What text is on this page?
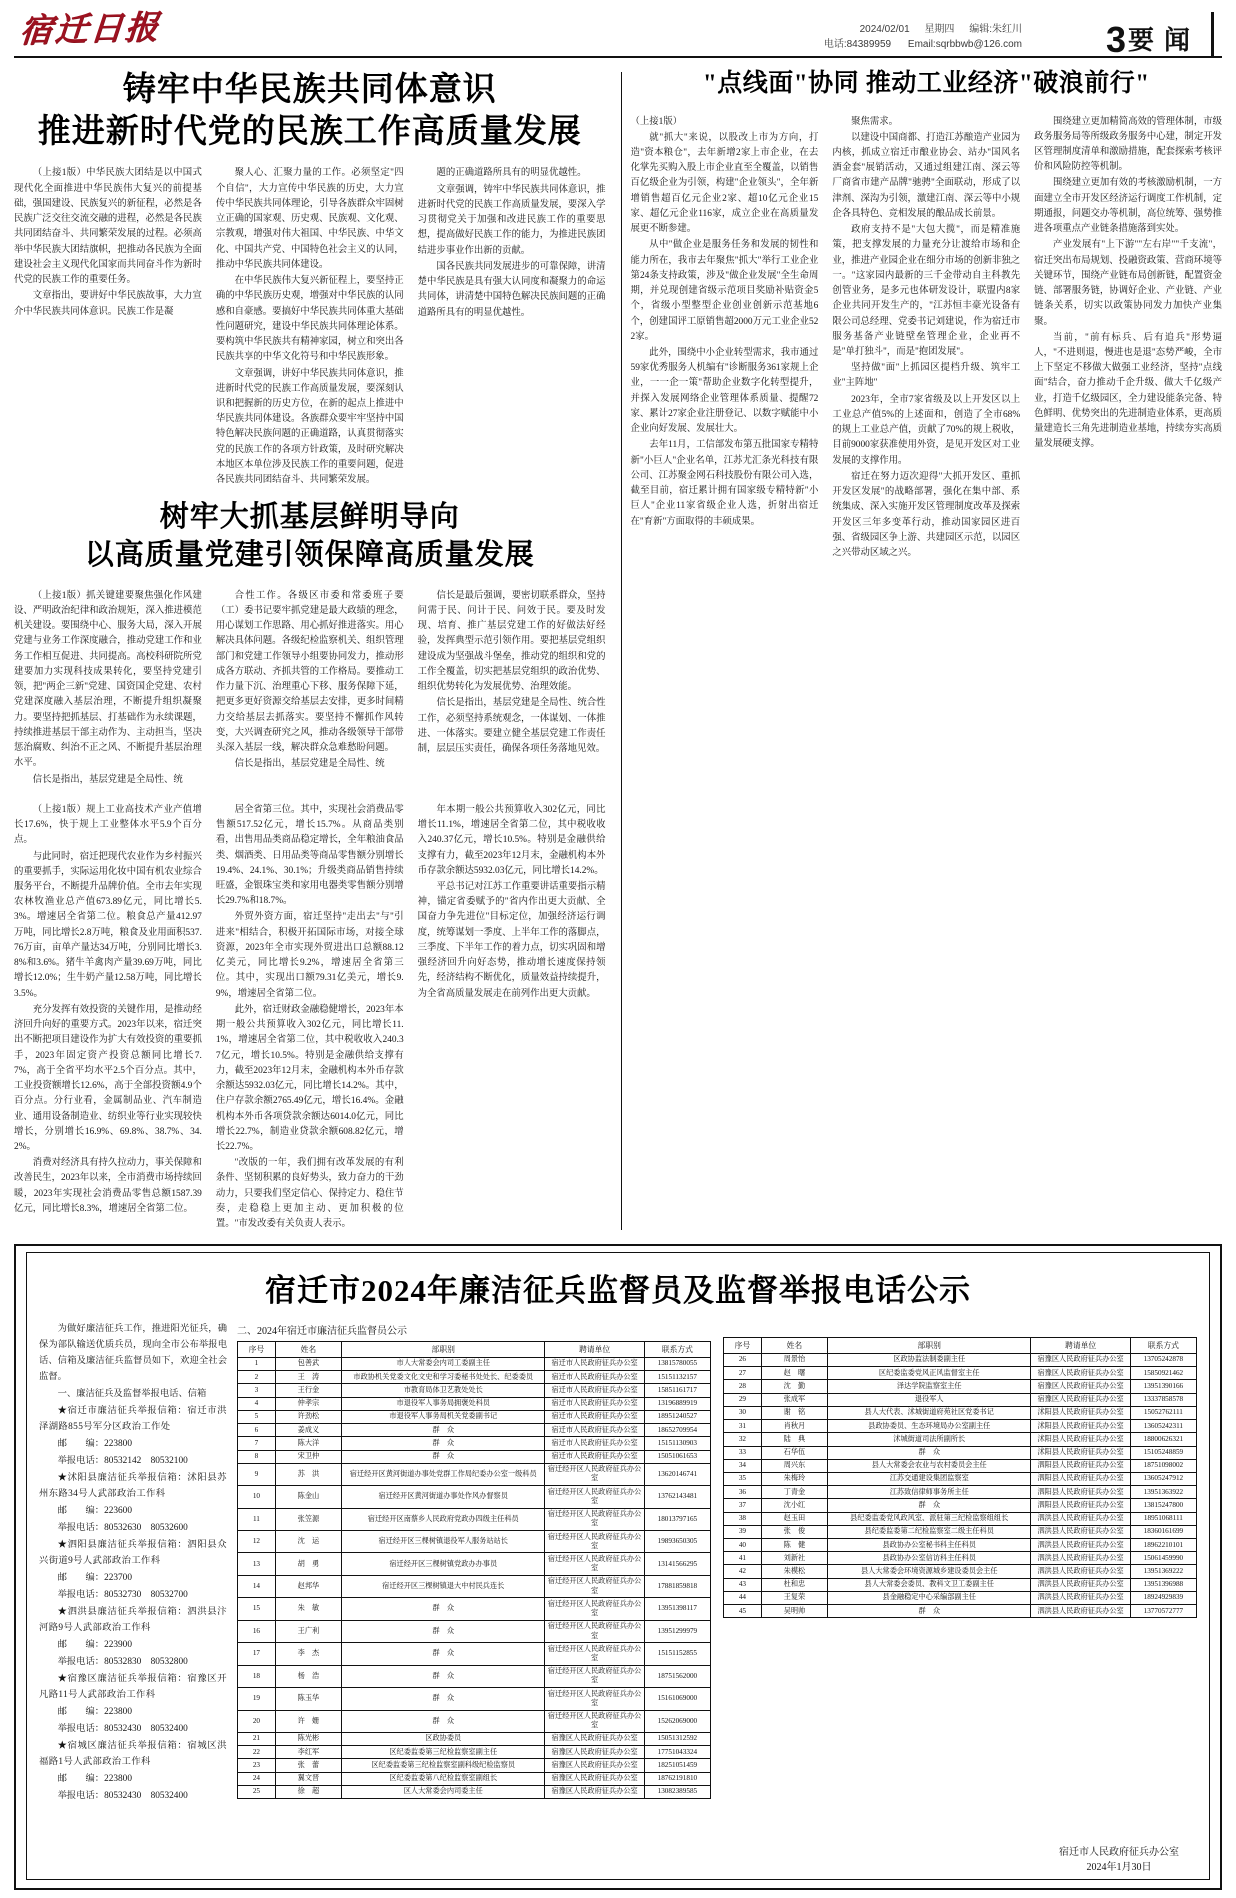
宿迁日报	2024/02/01 星期四 编辑:朱红川
电话:84389959 Email:sqrbbwb@126.com 3 要闻
铸牢中华民族共同体意识
推进新时代党的民族工作高质量发展

（上接1版）中华民族大团结是以中国式现代化全面推进中华民族伟大复兴的前提基础，强国建设、民族复兴的新征程，必然是各民族广泛交往交流交融的进程，必然是各民族共同团结奋斗、共同繁荣发展的过程。必须高举中华民族大团结旗帜，把推动各民族为全面建设社会主义现代化国家而共同奋斗作为新时代党的民族工作的重要任务。

文章指出，要讲好中华民族故事，大力宣介中华民族共同体意识。民族工作是凝

聚人心、汇聚力量的工作。必须坚定"四个自信"，大力宣传中华民族的历史，大力宣传中华民族共同体理论，引导各族群众牢固树立正确的国家观、历史观、民族观、文化观、宗教观，增强对伟大祖国、中华民族、中华文化、中国共产党、中国特色社会主义的认同，推动中华民族共同体建设。

在中华民族伟大复兴新征程上，要坚持正确的中华民族历史观，增强对中华民族的认同感和自豪感。要搞好中华民族共同体重大基础性问题研究，建设中华民族共同体理论体系。要构筑中华民族共有精神家园，树立和突出各民族共享的中华文化符号和中华民族形象。

文章强调，讲好中华民族共同体意识，推进新时代党的民族工作高质量发展，要深刻认识和把握新的历史方位，在新的起点上推进中华民族共同体建设。各族群众要牢牢坚持中国特色解决民族问题的正确道路，认真贯彻落实党的民族工作的各项方针政策，及时研究解决本地区本单位涉及民族工作的重要问题，促进各民族共同团结奋斗、共同繁荣发展。

题的正确道路所具有的明显优越性。

文章强调，铸牢中华民族共同体意识，推进新时代党的民族工作高质量发展，要深入学习贯彻党关于加强和改进民族工作的重要思想，提高做好民族工作的能力，为推进民族团结进步事业作出新的贡献。

国各民族共同发展进步的可靠保障，讲清楚中华民族是具有强大认同度和凝聚力的命运共同体，讲清楚中国特色解决民族间题的正确道路所具有的明显优越性。

树牢大抓基层鲜明导向
以高质量党建引领保障高质量发展

（上接1版）抓关键建要聚焦强化作风建设、严明政治纪律和政治规矩，深入推进模范机关建设。要围绕中心、服务大局，深入开展党建与业务工作深度融合，推动党建工作和业务工作相互促进、共同提高。高校科研院所党建要加力实现科技成果转化，要坚持党建引领，把"两企三新"党建、国资国企党建、农村党建深度融入基层治理，不断提升组织凝聚力。要坚持把抓基层、打基础作为永续课题，持续推进基层干部主动作为、主动担当，坚决惩治腐败、纠治不正之风、不断提升基层治理水平。

信长是指出，基层党建是全局性、统

合性工作。各级区市委和常委班子要（工）委书记要牢抓党建是最大政绩的理念，用心谋划工作思路、用心抓好推进落实。用心解决具体问题。各级纪检监察机关、组织管理部门和党建工作领导小组要协同发力，推动形成各方联动、齐抓共管的工作格局。要推动工作力量下沉、治理重心下移、服务保障下延，把更多更好资源交给基层去安排，更多时间精力交给基层去抓落实。要坚持不懈抓作风转变，大兴调查研究之风，推动各级领导干部带头深入基层一线，解决群众急难愁盼问题。

信长是指出，基层党建是全局性、统

信长是最后强调，要密切联系群众，坚持问需于民、问计于民、问效于民。要及时发现、培育、推广基层党建工作的好做法好经验，发挥典型示范引领作用。要把基层党组织建设成为坚强战斗堡垒，推动党的组织和党的工作全覆盖，切实把基层党组织的政治优势、组织优势转化为发展优势、治理效能。

信长是指出，基层党建是全局性、统合性工作，必须坚持系统观念，一体谋划、一体推进、一体落实。要建立健全基层党建工作责任制，层层压实责任，确保各项任务落地见效。

（上接1版）规上工业高技术产业产值增长17.6%，快于规上工业整体水平5.9个百分点。

与此同时，宿迁把现代农业作为乡村振兴的重要抓手，实际运用化妆中国有机农业综合服务平台，不断提升品牌价值。全市去年实现农林牧渔业总产值673.89亿元，同比增长5.3%。增速居全省第二位。粮食总产量412.97万吨，同比增长2.8万吨，粮食及业用面积537.76万亩，亩单产量达34万吨，分别同比增长3.8%和3.6%。猪牛羊禽肉产量39.69万吨，同比增长12.0%；生牛奶产量12.58万吨，同比增长3.5%。

充分发挥有效投资的关键作用，是推动经济回升向好的重要方式。2023年以来，宿迁突出不断把项目建设作为扩大有效投资的重要抓手，2023年固定资产投资总额同比增长7.7%，高于全省平均水平2.5个百分点。其中，工业投资额增长12.6%，高于全部投资额4.9个百分点。分行业看，金属制品业、汽车制造业、通用设备制造业、纺织业等行业实现较快增长，分别增长16.9%、69.8%、38.7%、34.2%。

消费对经济具有持久拉动力，事关保障和改善民生，2023年以来，全市消费市场持续回暖，2023年实现社会消费品零售总额1587.39亿元，同比增长8.3%，增速居全省第二位。

居全省第三位。其中，实现社会消费品零售额517.52亿元，增长15.7%。从商品类别看，出售用品类商品稳定增长，全年粮油食品类、烟酒类、日用品类等商品零售额分别增长19.4%、24.1%、30.1%；升级类商品销售持续旺盛，金银珠宝类和家用电器类零售额分别增长29.7%和18.7%。

外贸外资方面，宿迁坚持"走出去"与"引进来"相结合，积极开拓国际市场，对接全球资源，2023年全市实现外贸进出口总额88.12亿美元，同比增长9.2%，增速居全省第三位。其中，实现出口额79.31亿美元，增长9.9%，增速居全省第二位。

此外，宿迁财政金融稳健增长，2023年本期一般公共预算收入302亿元，同比增长11.1%，增速居全省第二位，其中税收收入240.37亿元，增长10.5%。特别是金融供给支撑有力，截至2023年12月末，金融机构本外币存款余额达5932.03亿元，同比增长14.2%。其中，住户存款余额2765.49亿元，增长16.4%。金融机构本外币各项贷款余额达6014.0亿元，同比增长22.7%，制造业贷款余额608.82亿元，增长22.7%。

"改版的一年，我们拥有改革发展的有利条件、坚韧积累的良好势头，致力奋力的干劲动力，只要我们坚定信心、保持定力、稳住节奏，走稳稳上更加主动、更加积极的位置。"市发改委有关负责人表示。

年本期一般公共预算收入302亿元，同比增长11.1%，增速居全省第二位，其中税收收入240.37亿元，增长10.5%。特别是金融供给支撑有力，截至2023年12月末，金融机构本外币存款余额达5932.03亿元，同比增长14.2%。

平总书记对江苏工作重要讲话重要指示精神，锚定省委赋予的"省内作出更大贡献、全国奋力争先进位"目标定位，加强经济运行调度，统筹谋划一季度、上半年工作的落脚点，三季度、下半年工作的着力点，切实巩固和增强经济回升向好态势，推动增长速度保持领先，经济结构不断优化，质量效益持续提升，为全省高质量发展走在前列作出更大贡献。

"点线面"协同 推动工业经济"破浪前行"

（上接1版）

就"抓大"来说，以股改上市为方向，打造"资本粮仓"，去年新增2家上市企业，在去化掌先买购入股上市企业直至全覆盖，以销售百亿级企业为引领，构建"企业领头"，全年新增销售超百亿元企业2家、超10亿元企业15家、超亿元企业116家，成立企业在高质量发展更不断参建。

从中"做企业是服务任务和发展的韧性和能力所在，我市去年聚焦"抓大"举行工业企业第24条支持政策，涉及"做企业发展"全生命周期，并兑现创建省级示范项目奖励补贴资金5个，省级小型整型企业创业创新示范基地6个，创建国评工原销售超2000万元工业企业522家。

此外，围绕中小企业转型需求，我市通过59家优秀服务人机编有"诊断服务361家规上企业，一一企一策"帮助企业数字化转型提升，并探入发展网络企业管理体系质量、提醒72家、累计27家企业注册登记、以数字赋能中小企业向好发展、发展壮大。

去年11月，工信部发布第五批国家专精特新"小巨人"企业名单，江苏尤汇条光科技有限公司、江苏聚金网石科技股份有限公司入选，截至目前，宿迁累计拥有国家级专精特新"小巨人"企业11家省级企业人选，折射出宿迁在"育新"方面取得的丰硕成果。

聚焦需求。

以建设中国商都、打造江苏酿造产业园为内核，抓成立宿迁市酿业协会、站办"国风名酒金套"展销活动，又通过组建江南、深云等厂商省市建产品牌"驰骋"全面联动，形成了以津剂、深沟为引领，激建江南、深云等中小规企各具特色、竞相发展的酿品成长前景。

政府支持不是"大包大揽"，而是精准施策，把支撑发展的力量充分让渡给市场和企业，推进产业园企业在细分市场的创新非独之一。"这家园内最新的三千金带动自主科教先创管业务，是多元也体研发设计，联盟内8家企业共同开发生产的，"江苏恒丰豪光设备有限公司总经理、党委书记刘建说，作为宿迁市服务基备产业链壁垒管理企业，企业再不是"单打独斗"，而是"抱团发展"。

坚持做"面"上抓园区提档升级、筑牢工业"主阵地"

2023年，全市7家省级及以上开发区以上工业总产值5%的上述面和，创造了全市68%的规上工业总产值，贡献了70%的规上税收，目前9000家获准使用外资，是见开发区对工业发展的支撑作用。

宿迁在努力迈次迎得"大抓开发区、重抓开发区发展"的战略部署，强化在集中部、系统集成、深入实施开发区管理制度改革及探索开发区三年多变革行动，推动国家园区进百强、省级园区争上游、共建园区示范，以园区之兴带动区域之兴。

围绕建立更加精简高效的管理体制，市级政务服务局等所级政务服务中心建，制定开发区管理制度清单和激励措施，配套探索考核评价和风险防控等机制。

围绕建立更加有效的考核激励机制，一方面建立全市开发区经济运行调度工作机制，定期通报，问题交办等机制，高位统筹、强势推进各项重点产业链条措施落到实处。

产业发展有"上下游""左右岸""千支流"，宿迁突出布局规划、投融资政策、营商环境等关键环节，围绕产业链布局创新链，配置资金链、部署服务链，协调好企业、产业链、产业链条关系，切实以政策协同发力加快产业集聚。

当前，"前有标兵、后有追兵"形势逼人，"不进则退，慢进也是退"态势严峻，全市上下坚定不移做大做强工业经济，坚持"点线面"结合，奋力推动千企升级、做大千亿级产业，打造千亿级园区，全力建设能条完备、特色鲜明、优势突出的先进制造业体系，更高质量建造长三角先进制造业基地，持续夯实高质量发展硬支撑。

宿迁市2024年廉洁征兵监督员及监督举报电话公示

为做好廉洁征兵工作，推进阳光征兵，确保为部队输送优质兵员，现向全市公布举报电话、信箱及廉洁征兵监督员如下，欢迎全社会监督。

一、廉洁征兵及监督举报电话、信箱

★宿迁市廉洁征兵举报信箱：宿迁市洪泽湖路855号军分区政治工作处

邮　　编：223800

举报电话：80532142　80532100

★沭阳县廉洁征兵举报信箱：沭阳县苏州东路34号人武部政治工作科

邮　　编：223600

举报电话：80532630　80532600

★泗阳县廉洁征兵举报信箱：泗阳县众兴街道9号人武部政治工作科

邮　　编：223700

举报电话：80532730　80532700

★泗洪县廉洁征兵举报信箱：泗洪县汴河路9号人武部政治工作科

邮　　编：223900

举报电话：80532830　80532800

★宿豫区廉洁征兵举报信箱：宿豫区开凡路11号人武部政治工作科

邮　　编：223800

举报电话：80532430　80532400

★宿城区廉洁征兵举报信箱：宿城区洪福路1号人武部政治工作科

邮　　编：223800

举报电话：80532430　80532400

二、2024年宿迁市廉洁征兵监督员公示
序号	姓名	部职别	聘请单位	联系方式
1	包善武	市人大常委会内司工委副主任	宿迁市人民政府征兵办公室	13815780055
2	王　涛	市政协机关党委文化文史和学习委秘书处处长、纪委委员	宿迁市人民政府征兵办公室	15151132157
3	王行金	市教育局体卫艺教处处长	宿迁市人民政府征兵办公室	15851161717
4	仲孝宗	市退役军人事务局拥褒处科员	宿迁市人民政府征兵办公室	13196889919
5	许劲松	市退役军人事务局机关党委副书记	宿迁市人民政府征兵办公室	18951240527
6	姜成义	群　众	宿迁市人民政府征兵办公室	18652709954
7	陈大洋	群　众	宿迁市人民政府征兵办公室	15151130903
8	宋卫仲	群　众	宿迁市人民政府征兵办公室	15051061653
9	苏　洪	宿迁经开区黄河街道办事处党群工作局纪委办公室一级科员	宿迁经开区人民政府征兵办公室	13620146741
10	陈金山	宿迁经开区黄河街道办事处作风办督察员	宿迁经开区人民政府征兵办公室	13762143481
11	张笠源	宿迁经开区南蔡乡人民政府党政办四级主任科员	宿迁经开区人民政府征兵办公室	18013797165
12	沈　运	宿迁经开区三棵树镇退役军人服务站站长	宿迁经开区人民政府征兵办公室	19893650305
13	胡　勇	宿迁经开区三棵树镇党政办办事员	宿迁经开区人民政府征兵办公室	13141566295
14	赵邦华	宿迁经开区三棵树镇退大中村民兵连长	宿迁经开区人民政府征兵办公室	17881859818
15	朱　敏	群　众	宿迁经开区人民政府征兵办公室	13951398117
16	王广利	群　众	宿迁经开区人民政府征兵办公室	13951299979
17	李　杰	群　众	宿迁经开区人民政府征兵办公室	15151152855
18	杨　浩	群　众	宿迁经开区人民政府征兵办公室	18751562000
19	陈玉华	群　众	宿迁经开区人民政府征兵办公室	15161069000
20	许　姗	群　众	宿迁经开区人民政府征兵办公室	15262069000
21	陈光彬	区政协委员	宿豫区人民政府征兵办公室	15051312592
22	李红军	区纪委监委第三纪检监察室副主任	宿豫区人民政府征兵办公室	17751043324
23	张　蕾	区纪委监委第三纪检监察室副科级纪检监察员	宿豫区人民政府征兵办公室	18251051459
24	翼文晋	区纪委监委第八纪检监察室副组长	宿豫区人民政府征兵办公室	18762191810
25	徐　超	区人大常委会内司委主任	宿豫区人民政府征兵办公室	13082389585

序号	姓名	部职别	聘请单位	联系方式
26	周景怡	区政协监法制委副主任	宿豫区人民政府征兵办公室	13705242878
27	赵　曙	区纪委监委党风正风监督室主任	宿豫区人民政府征兵办公室	15850921462
28	沈　勤	泽达学院监察室主任	宿豫区人民政府征兵办公室	13951390166
29	张成军	退役军人	宿豫区人民政府征兵办公室	13337858578
30	谢　铭	县人大代表、沭城街道府苑社区党委书记	沭阳县人民政府征兵办公室	15052762111
31	肖秋月	县政协委员、生态环境局办公室副主任	沭阳县人民政府征兵办公室	13605242311
32	陆　典	沭城街道司法所副所长	沭阳县人民政府征兵办公室	18800626321
33	石华伍	群　众	沭阳县人民政府征兵办公室	15105248859
34	周兴东	县人大常委会农业与农村委员会主任	泗阳县人民政府征兵办公室	18751098002
35	朱梅玲	江苏交通建设集团监察室	泗阳县人民政府征兵办公室	13605247912
36	丁青金	江苏致信律师事务所主任	泗阳县人民政府征兵办公室	13951363922
37	沈小红	群　众	泗阳县人民政府征兵办公室	13815247800
38	赵玉田	县纪委监委党风政风室、派驻第三纪检监察组组长	泗洪县人民政府征兵办公室	18951068111
39	张　俊	县纪委监委第二纪检监察室二级主任科员	泗洪县人民政府征兵办公室	18360161699
40	陈　健	县政协办公室秘书科主任科员	泗洪县人民政府征兵办公室	18962210101
41	刘新社	县政协办公室信访科主任科员	泗洪县人民政府征兵办公室	15061459990
42	朱模松	县人大常委会环境资源城乡建设委员会主任	泗洪县人民政府征兵办公室	13951369222
43	杜和忠	县人大常委会委员、教科文卫工委副主任	泗洪县人民政府征兵办公室	13951396988
44	王复荣	县金融稳定中心采编部副主任	泗洪县人民政府征兵办公室	18924929839
45	吴明帅	群　众	泗洪县人民政府征兵办公室	13770572777
宿迁市人民政府征兵办公室
2024年1月30日
